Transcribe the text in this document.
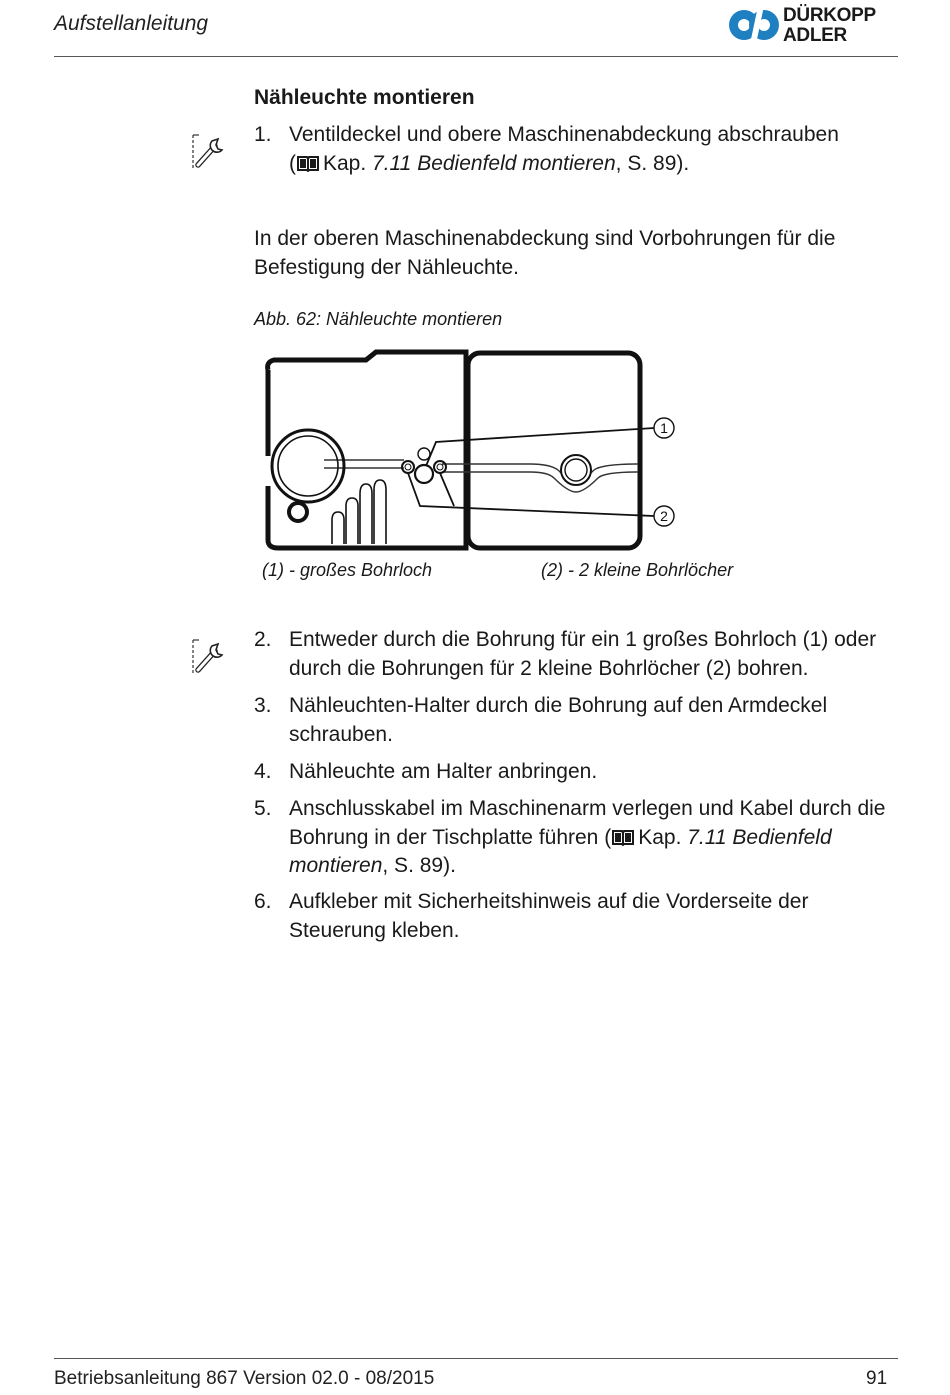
Aufstellanleitung	DÜRKOPP
ADLER
Nähleuchte montieren
1. Ventildeckel und obere Maschinenabdeckung abschrauben
( Kap. 7.11 Bedienfeld montieren, S. 89).
In der oberen Maschinenabdeckung sind Vorbohrungen für die Befestigung der Nähleuchte.
Abb. 62: Nähleuchte montieren
1
2
(1) - großes Bohrloch	(2) - 2 kleine Bohrlöcher
2. Entweder durch die Bohrung für ein 1 großes Bohrloch (1) oder durch die Bohrungen für 2 kleine Bohrlöcher (2) bohren.
3. Nähleuchten-Halter durch die Bohrung auf den Armdeckel schrauben.
4. Nähleuchte am Halter anbringen.
5. Anschlusskabel im Maschinenarm verlegen und Kabel durch die Bohrung in der Tischplatte führen ( Kap. 7.11 Bedienfeld montieren, S. 89).
6. Aufkleber mit Sicherheitshinweis auf die Vorderseite der Steuerung kleben.
Betriebsanleitung 867 Version 02.0 - 08/2015	91
